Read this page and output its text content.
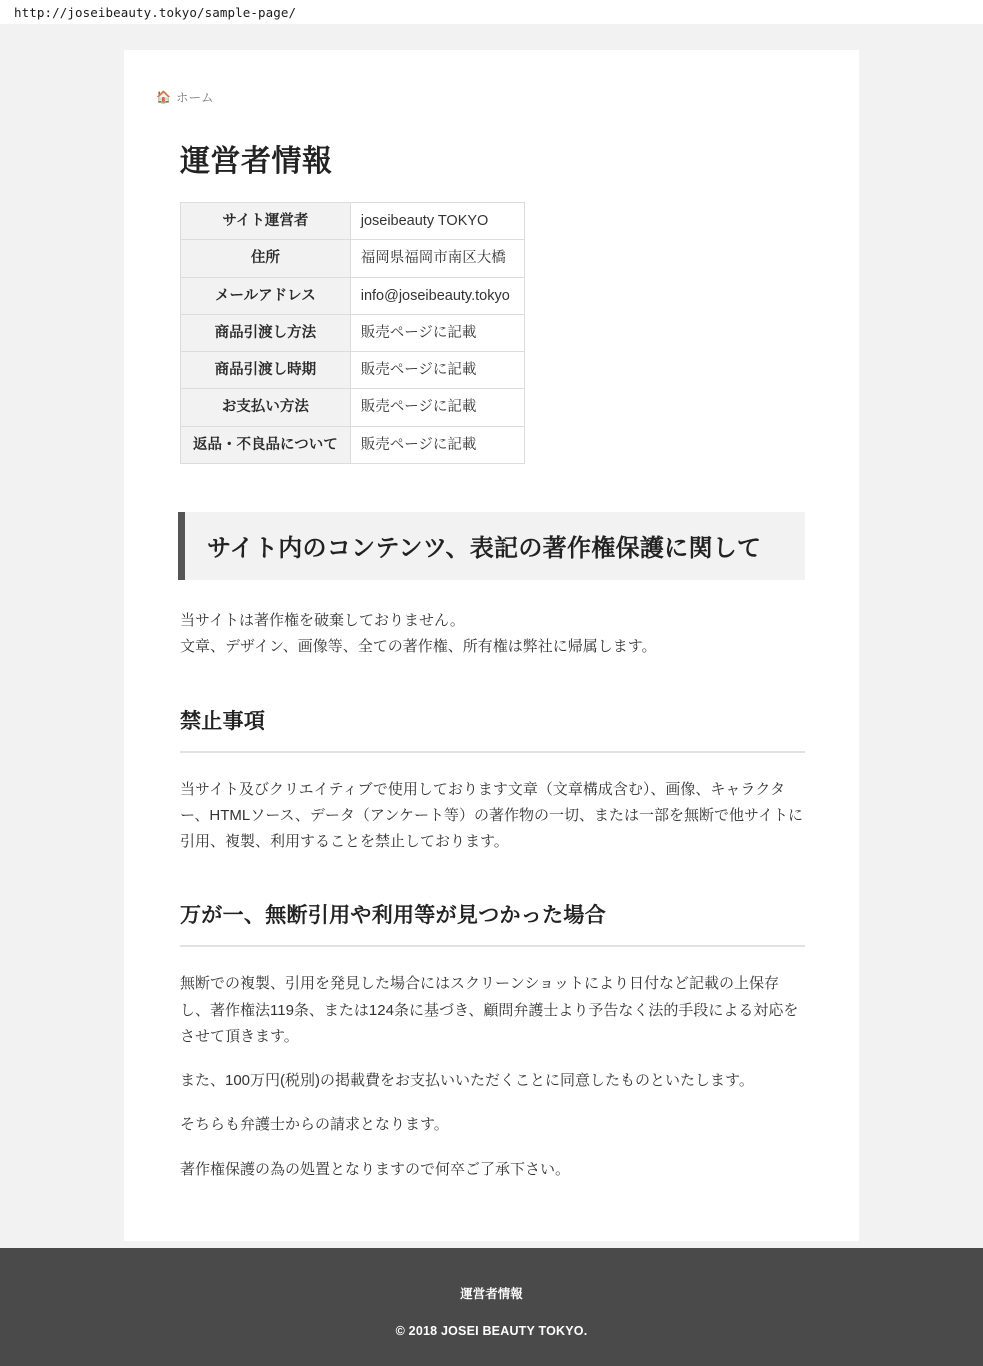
http://joseibeauty.tokyo/sample-page/
🏠 ホーム
運営者情報
サイト運営者	joseibeauty TOKYO
住所	福岡県福岡市南区大橋
メールアドレス	info@joseibeauty.tokyo
商品引渡し方法	販売ページに記載
商品引渡し時期	販売ページに記載
お支払い方法	販売ページに記載
返品・不良品について	販売ページに記載
サイト内のコンテンツ、表記の著作権保護に関して

当サイトは著作権を破棄しておりません。
文章、デザイン、画像等、全ての著作権、所有権は弊社に帰属します。

禁止事項

当サイト及びクリエイティブで使用しております文章（文章構成含む）、画像、キャラクター、HTMLソース、データ（アンケート等）の著作物の一切、または一部を無断で他サイトに引用、複製、利用することを禁止しております。

万が一、無断引用や利用等が見つかった場合

無断での複製、引用を発見した場合にはスクリーンショットにより日付など記載の上保存し、著作権法119条、または124条に基づき、顧問弁護士より予告なく法的手段による対応をさせて頂きます。

また、100万円(税別)の掲載費をお支払いいただくことに同意したものといたします。

そちらも弁護士からの請求となります。

著作権保護の為の処置となりますので何卒ご了承下さい。

運営者情報
© 2018 JOSEI BEAUTY TOKYO.
